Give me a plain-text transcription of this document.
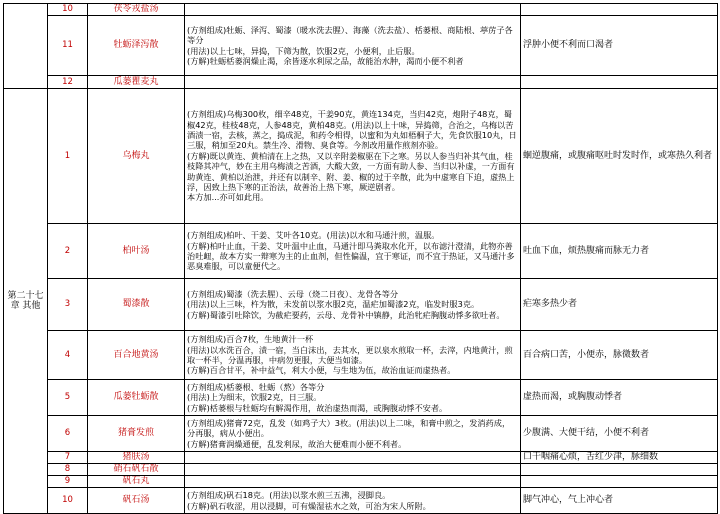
	10	茯苓戎盐汤		
	11	牡蛎泽泻散	(方剂组成)牡蛎、泽泻、蜀漆（暖水洗去腥）、海藻（洗去盐）、栝蒌根、商陆根、葶苈子各等分
(用法)以上七味，异捣，下筛为散，饮服2克，小便利，止后服。
(方解)牡蛎栝蒌润燥止渴，余皆逐水利尿之品，故能治水肿，渴而小便不利者	浮肿小便不利而口渴者
	12	瓜蒌瞿麦丸		
第二十七
章 其他	1	乌梅丸	(方剂组成)乌梅300枚，细辛48克，干姜90克，黄连134克，当归42克，炮附子48克，蜀椒42克，桂枝48克，人参48克，黄柏48克。(用法)以上十味，异捣筛，合治之，乌梅以苦酒渍一宿，去核，蒸之，捣成泥，和药令相得，以蜜和为丸如梧桐子大，先食饮服10丸，日三服，稍加至20丸。禁生冷、滑物、臭食等。今剂改用量作煎剂亦验。
(方解)既以黄连、黄柏清在上之热，又以辛附姜椒驱在下之寒。另以人参当归补其气血，桂枝降其冲气，妙在主用乌梅渍之苦酒，大酸大敛，一方面有助人参、当归以补虚，一方面有助黄连、黄柏以治泄，并还有以制辛、附、姜、椒的过于辛散，此为中虚寒自下迫，虚热上浮，因致上热下寒的正治法，故善治上热下寒，厥逆剧者。
本方加...亦可如此用。	蛔逆腹痛，或腹痛呕吐时发时作，或寒热久利者
	2	柏叶汤	(方剂组成)柏叶、干姜、艾叶各10克。(用法)以水和马通汁煎，温服。
(方解)柏叶止血，干姜、艾叶温中止血，马通汁即马粪取水化开，以布滤汁澄清，此物亦善治吐衄，故本方实一辩寒为主的止血剂，但性偏温，宜于寒证，而不宜于热证，又马通汁多恶臭难服，可以童便代之。	吐血下血，烦热腹痛而脉无力者
	3	蜀漆散	(方剂组成)蜀漆（洗去腥）、云母（烧二日夜）、龙骨各等分
(用法)以上三味，杵为散，未发前以浆水服2克，温疟加蜀漆2克，临发时服3克。
(方解)蜀漆引吐除饮，为截疟要药，云母、龙骨补中镇静，此治牝疟胸腹动悸多欲吐者。	疟寒多热少者
	4	百合地黄汤	(方剂组成)百合7枚，生地黄汁一杯
(用法)以水洗百合，渍一宿，当白沫出，去其水，更以泉水煎取一杯，去滓，内地黄汁，煎取一杯半，分温再服，中病勿更服，大便当如漆。
(方解)百合甘平，补中益气，利大小便，与生地为伍，故治血证而虚热者。	百合病口苦，小便赤，脉微数者
	5	瓜蒌牡蛎散	(方剂组成)栝蒌根、牡蛎（熬）各等分
(用法)上为细末，饮服2克，日三服。
(方解)栝蒌根与牡蛎均有解渴作用，故治虚热而渴，或胸腹动悸不安者。	虚热而渴，或胸腹动悸者
	6	猪膏发煎	(方剂组成)猪膏72克，乱发（如鸡子大）3枚。(用法)以上二味，和膏中煎之，发消药成，分再服，病从小便出。
(方解)猪膏润燥通便，乱发利尿，故治大便难而小便不利者。	少腹满、大便干结，小便不利者
	7	猪肤汤		口干咽痛心烦，舌红少津，脉细数
	8	硝石矾石散		
	9	矾石丸		
	10	矾石汤	(方剂组成)矾石18克。(用法)以浆水煎三五沸，浸脚良。
(方解)矾石收涩，用以浸脚，可有燥湿祛水之效，可治为宋人所附。	脚气冲心，气上冲心者
